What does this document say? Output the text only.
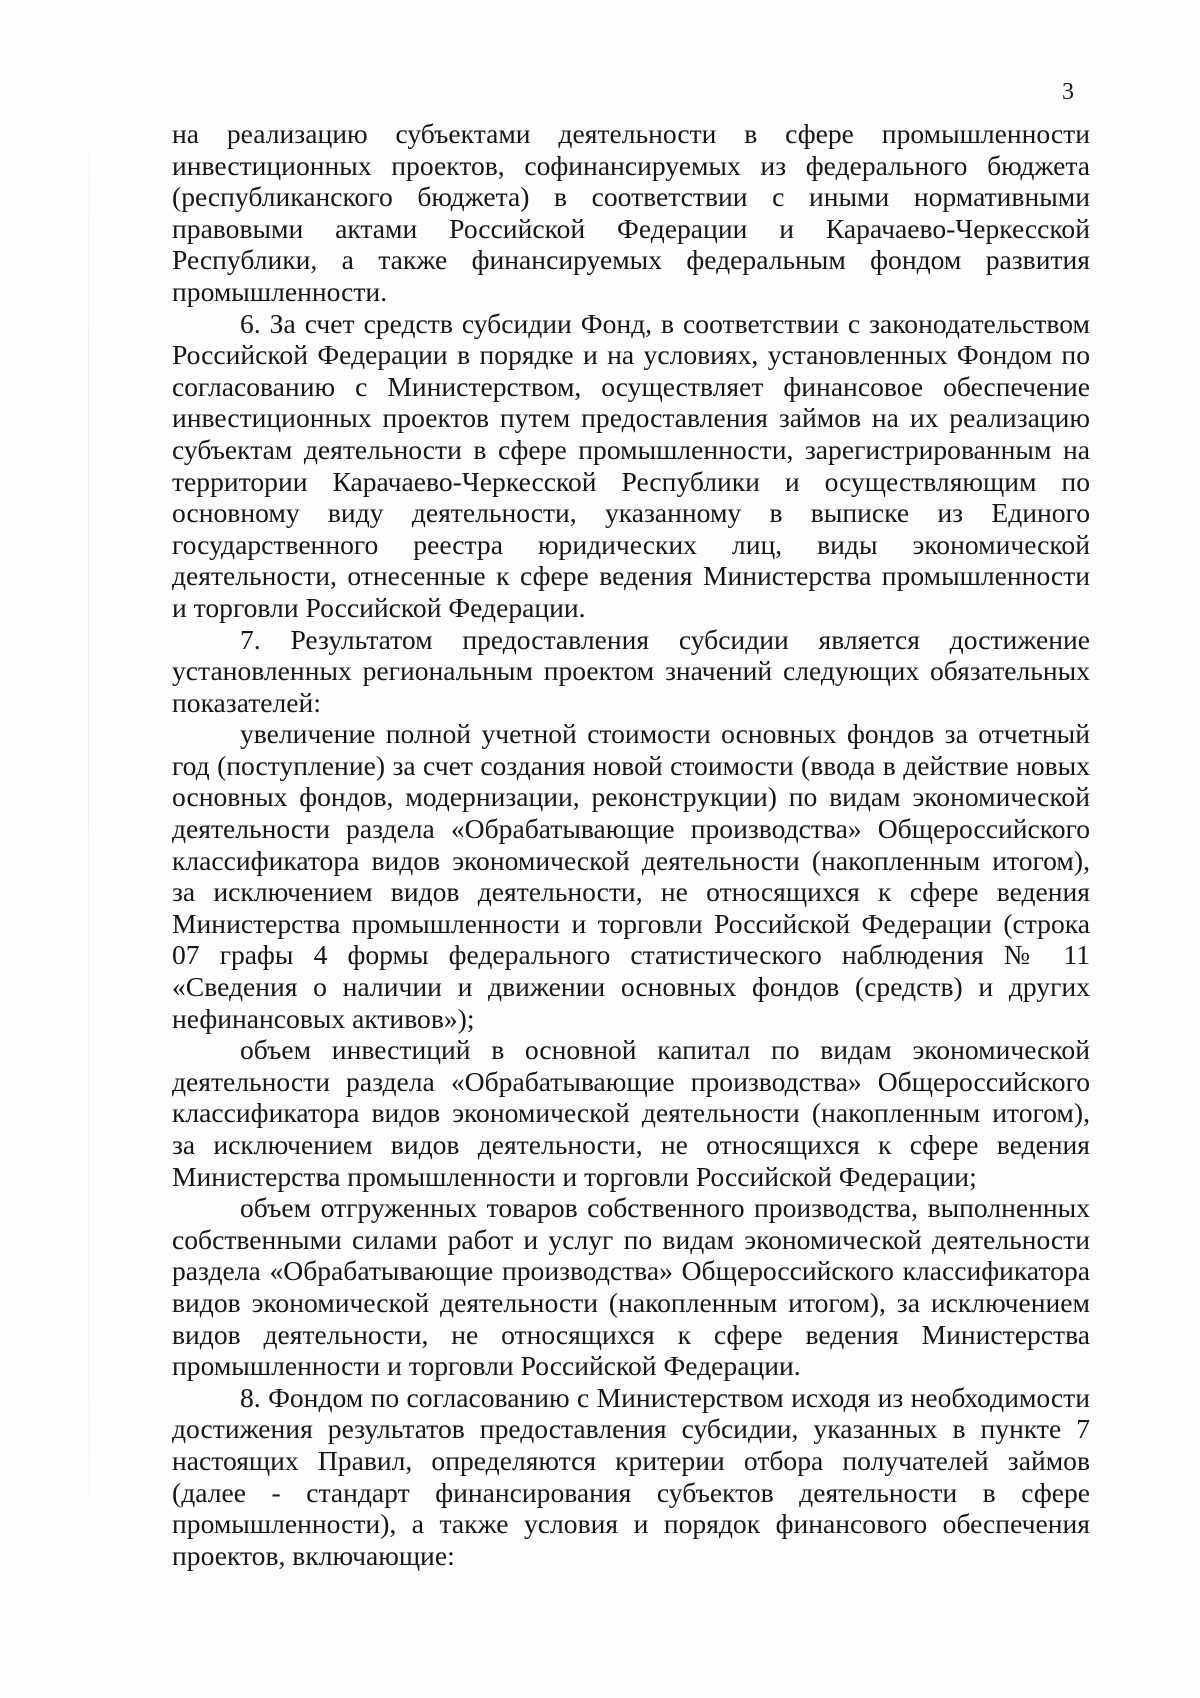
3

на реализацию субъектами деятельности в сфере промышленности инвестиционных проектов, софинансируемых из федерального бюджета (республиканского бюджета) в соответствии с иными нормативными правовыми актами Российской Федерации и Карачаево-Черкесской Республики, а также финансируемых федеральным фондом развития промышленности.

6. За счет средств субсидии Фонд, в соответствии с законодательством Российской Федерации в порядке и на условиях, установленных Фондом по согласованию с Министерством, осуществляет финансовое обеспечение инвестиционных проектов путем предоставления займов на их реализацию субъектам деятельности в сфере промышленности, зарегистрированным на территории Карачаево-Черкесской Республики и осуществляющим по основному виду деятельности, указанному в выписке из Единого государственного реестра юридических лиц, виды экономической деятельности, отнесенные к сфере ведения Министерства промышленности и торговли Российской Федерации.

7. Результатом предоставления субсидии является достижение установленных региональным проектом значений следующих обязательных показателей:

увеличение полной учетной стоимости основных фондов за отчетный год (поступление) за счет создания новой стоимости (ввода в действие новых основных фондов, модернизации, реконструкции) по видам экономической деятельности раздела «Обрабатывающие производства» Общероссийского классификатора видов экономической деятельности (накопленным итогом), за исключением видов деятельности, не относящихся к сфере ведения Министерства промышленности и торговли Российской Федерации (строка 07 графы 4 формы федерального статистического наблюдения № 11 «Сведения о наличии и движении основных фондов (средств) и других нефинансовых активов»);

объем инвестиций в основной капитал по видам экономической деятельности раздела «Обрабатывающие производства» Общероссийского классификатора видов экономической деятельности (накопленным итогом), за исключением видов деятельности, не относящихся к сфере ведения Министерства промышленности и торговли Российской Федерации;

объем отгруженных товаров собственного производства, выполненных собственными силами работ и услуг по видам экономической деятельности раздела «Обрабатывающие производства» Общероссийского классификатора видов экономической деятельности (накопленным итогом), за исключением видов деятельности, не относящихся к сфере ведения Министерства промышленности и торговли Российской Федерации.

8. Фондом по согласованию с Министерством исходя из необходимости достижения результатов предоставления субсидии, указанных в пункте 7 настоящих Правил, определяются критерии отбора получателей займов (далее - стандарт финансирования субъектов деятельности в сфере промышленности), а также условия и порядок финансового обеспечения проектов, включающие:
